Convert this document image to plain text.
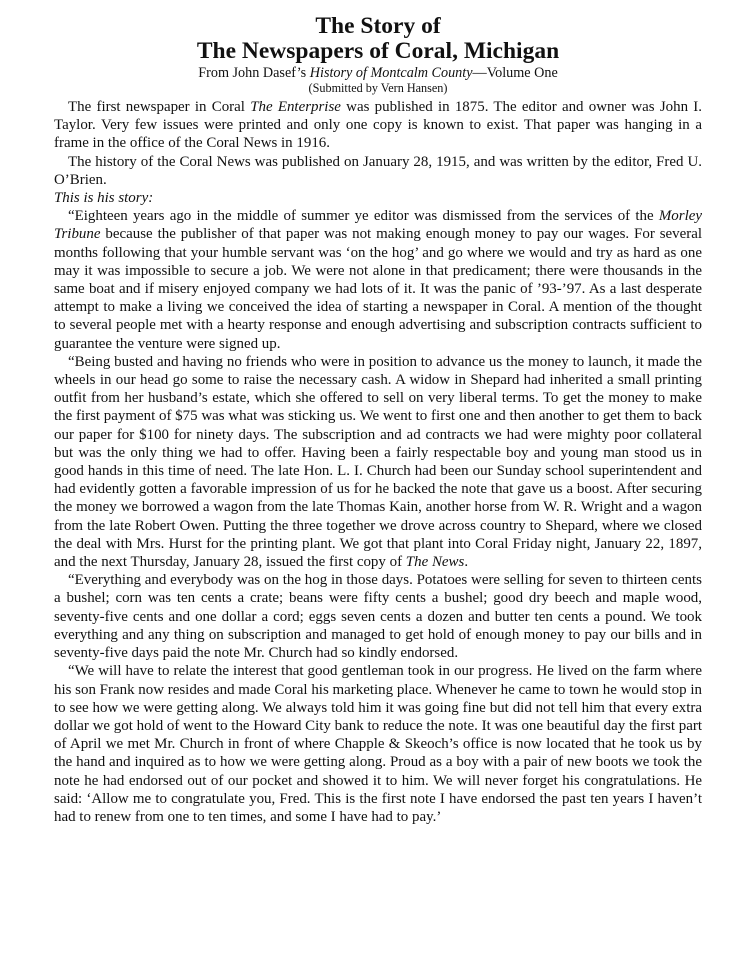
The Story of
The Newspapers of Coral, Michigan
From John Dasef’s History of Montcalm County—Volume One
(Submitted by Vern Hansen)

The first newspaper in Coral The Enterprise was published in 1875. The editor and owner was John I. Taylor. Very few issues were printed and only one copy is known to exist. That paper was hanging in a frame in the office of the Coral News in 1916.

The history of the Coral News was published on January 28, 1915, and was written by the editor, Fred U. O’Brien.

This is his story:

“Eighteen years ago in the middle of summer ye editor was dismissed from the services of the Morley Tribune because the publisher of that paper was not making enough money to pay our wages. For several months following that your humble servant was ‘on the hog’ and go where we would and try as hard as one may it was impossible to secure a job. We were not alone in that predicament; there were thousands in the same boat and if misery enjoyed company we had lots of it. It was the panic of ’93-’97. As a last desperate attempt to make a living we conceived the idea of starting a newspaper in Coral. A mention of the thought to several people met with a hearty response and enough advertising and subscription contracts sufficient to guarantee the venture were signed up.

“Being busted and having no friends who were in position to advance us the money to launch, it made the wheels in our head go some to raise the necessary cash. A widow in Shepard had inherited a small printing outfit from her husband’s estate, which she offered to sell on very liberal terms. To get the money to make the first payment of $75 was what was sticking us. We went to first one and then another to get them to back our paper for $100 for ninety days. The subscription and ad contracts we had were mighty poor collateral but was the only thing we had to offer. Having been a fairly respectable boy and young man stood us in good hands in this time of need. The late Hon. L. I. Church had been our Sunday school superintendent and had evidently gotten a favorable impression of us for he backed the note that gave us a boost. After securing the money we borrowed a wagon from the late Thomas Kain, another horse from W. R. Wright and a wagon from the late Robert Owen. Putting the three together we drove across country to Shepard, where we closed the deal with Mrs. Hurst for the printing plant. We got that plant into Coral Friday night, January 22, 1897, and the next Thursday, January 28, issued the first copy of The News.

“Everything and everybody was on the hog in those days. Potatoes were selling for seven to thirteen cents a bushel; corn was ten cents a crate; beans were fifty cents a bushel; good dry beech and maple wood, seventy-five cents and one dollar a cord; eggs seven cents a dozen and butter ten cents a pound. We took everything and any thing on subscription and managed to get hold of enough money to pay our bills and in seventy-five days paid the note Mr. Church had so kindly endorsed.

“We will have to relate the interest that good gentleman took in our progress. He lived on the farm where his son Frank now resides and made Coral his marketing place. Whenever he came to town he would stop in to see how we were getting along. We always told him it was going fine but did not tell him that every extra dollar we got hold of went to the Howard City bank to reduce the note. It was one beautiful day the first part of April we met Mr. Church in front of where Chapple & Skeoch’s office is now located that he took us by the hand and inquired as to how we were getting along. Proud as a boy with a pair of new boots we took the note he had endorsed out of our pocket and showed it to him. We will never forget his congratulations. He said: ‘Allow me to congratulate you, Fred. This is the first note I have endorsed the past ten years I haven’t had to renew from one to ten times, and some I have had to pay.’
